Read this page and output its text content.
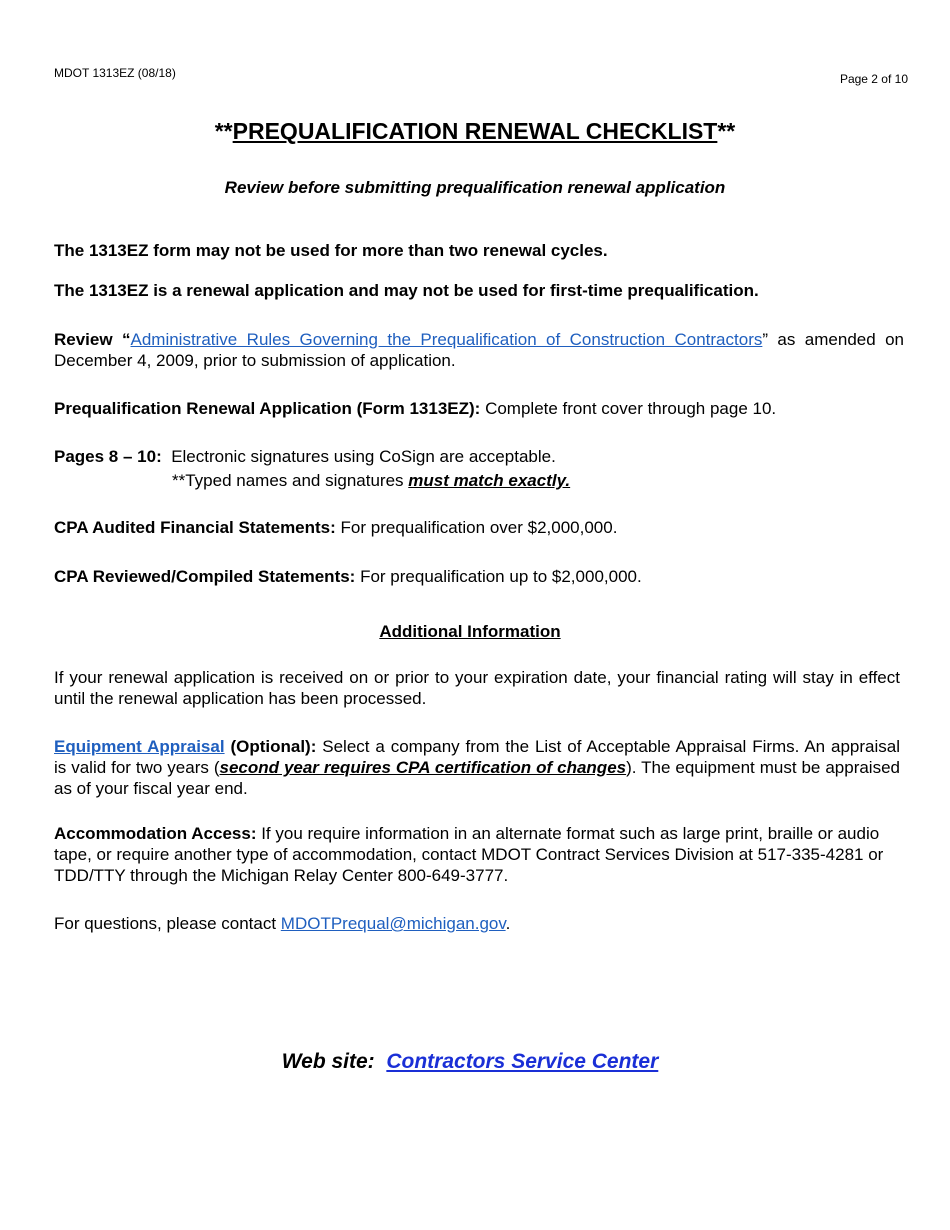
MDOT 1313EZ (08/18)	Page 2 of 10
**PREQUALIFICATION RENEWAL CHECKLIST**
Review before submitting prequalification renewal application
The 1313EZ form may not be used for more than two renewal cycles.
The 1313EZ is a renewal application and may not be used for first-time prequalification.
Review “Administrative Rules Governing the Prequalification of Construction Contractors” as amended on December 4, 2009, prior to submission of application.
Prequalification Renewal Application (Form 1313EZ): Complete front cover through page 10.
Pages 8 – 10:  Electronic signatures using CoSign are acceptable.
**Typed names and signatures must match exactly.
CPA Audited Financial Statements: For prequalification over $2,000,000.
CPA Reviewed/Compiled Statements: For prequalification up to $2,000,000.
Additional Information
If your renewal application is received on or prior to your expiration date, your financial rating will stay in effect until the renewal application has been processed.
Equipment Appraisal (Optional): Select a company from the List of Acceptable Appraisal Firms. An appraisal is valid for two years (second year requires CPA certification of changes). The equipment must be appraised as of your fiscal year end.
Accommodation Access: If you require information in an alternate format such as large print, braille or audio tape, or require another type of accommodation, contact MDOT Contract Services Division at 517-335-4281 or TDD/TTY through the Michigan Relay Center 800-649-3777.
For questions, please contact MDOTPrequal@michigan.gov.
Web site:  Contractors Service Center
